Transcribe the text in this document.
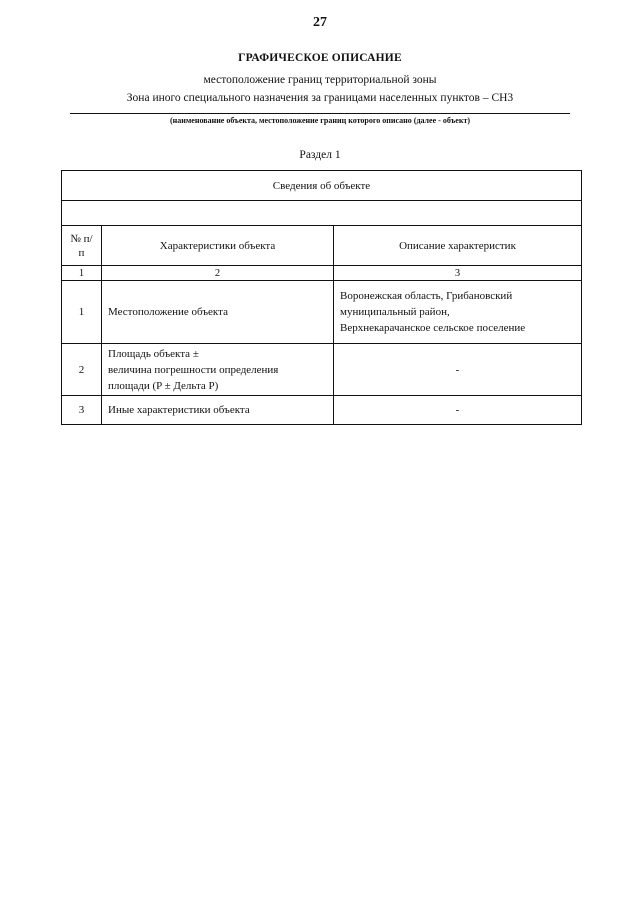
27
ГРАФИЧЕСКОЕ ОПИСАНИЕ
местоположение границ территориальной зоны
Зона иного специального назначения за границами населенных пунктов – СН3
(наименование объекта, местоположение границ которого описано (далее - объект)
Раздел 1
Сведения об объекте		

№ п/п	Характеристики объекта	Описание характеристик
1	2	3
1	Местоположение объекта	Воронежская область, Грибановский
муниципальный район,
Верхнекарачанское сельское поселение
2	Площадь объекта ±
величина погрешности определения
площади (P ± Дельта P)	-
3	Иные характеристики объекта	-
